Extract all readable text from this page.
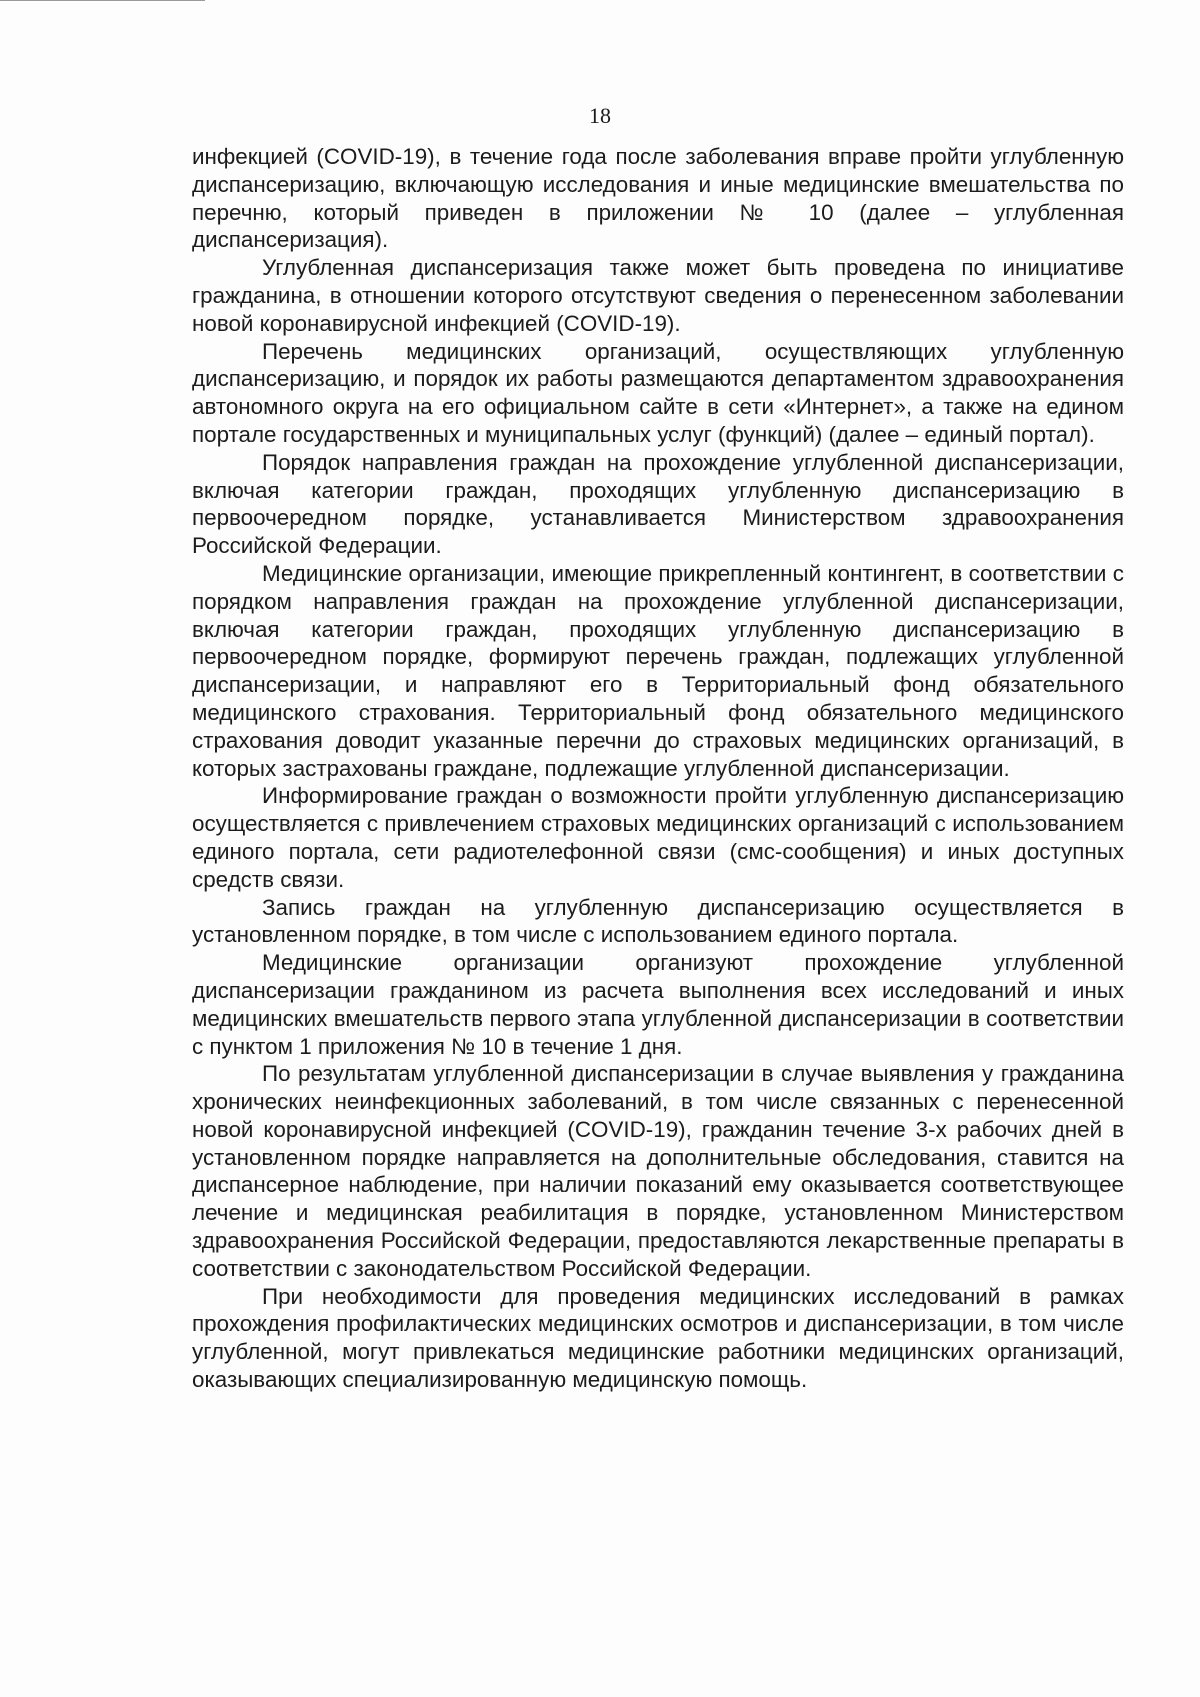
18

инфекцией (COVID-19), в течение года после заболевания вправе пройти углубленную диспансеризацию, включающую исследования и иные медицинские вмешательства по перечню, который приведен в приложении № 10 (далее – углубленная диспансеризация).

Углубленная диспансеризация также может быть проведена по инициативе гражданина, в отношении которого отсутствуют сведения о перенесенном заболевании новой коронавирусной инфекцией (COVID-19).

Перечень медицинских организаций, осуществляющих углубленную диспансеризацию, и порядок их работы размещаются департаментом здравоохранения автономного округа на его официальном сайте в сети «Интернет», а также на едином портале государственных и муниципальных услуг (функций) (далее – единый портал).

Порядок направления граждан на прохождение углубленной диспансеризации, включая категории граждан, проходящих углубленную диспансеризацию в первоочередном порядке, устанавливается Министерством здравоохранения Российской Федерации.

Медицинские организации, имеющие прикрепленный контингент, в соответствии с порядком направления граждан на прохождение углубленной диспансеризации, включая категории граждан, проходящих углубленную диспансеризацию в первоочередном порядке, формируют перечень граждан, подлежащих углубленной диспансеризации, и направляют его в Территориальный фонд обязательного медицинского страхования. Территориальный фонд обязательного медицинского страхования доводит указанные перечни до страховых медицинских организаций, в которых застрахованы граждане, подлежащие углубленной диспансеризации.

Информирование граждан о возможности пройти углубленную диспансеризацию осуществляется с привлечением страховых медицинских организаций с использованием единого портала, сети радиотелефонной связи (смс-сообщения) и иных доступных средств связи.

Запись граждан на углубленную диспансеризацию осуществляется в установленном порядке, в том числе с использованием единого портала.

Медицинские организации организуют прохождение углубленной диспансеризации гражданином из расчета выполнения всех исследований и иных медицинских вмешательств первого этапа углубленной диспансеризации в соответствии с пунктом 1 приложения № 10 в течение 1 дня.

По результатам углубленной диспансеризации в случае выявления у гражданина хронических неинфекционных заболеваний, в том числе связанных с перенесенной новой коронавирусной инфекцией (COVID-19), гражданин течение 3-х рабочих дней в установленном порядке направляется на дополнительные обследования, ставится на диспансерное наблюдение, при наличии показаний ему оказывается соответствующее лечение и медицинская реабилитация в порядке, установленном Министерством здравоохранения Российской Федерации, предоставляются лекарственные препараты в соответствии с законодательством Российской Федерации.

При необходимости для проведения медицинских исследований в рамках прохождения профилактических медицинских осмотров и диспансеризации, в том числе углубленной, могут привлекаться медицинские работники медицинских организаций, оказывающих специализированную медицинскую помощь.
